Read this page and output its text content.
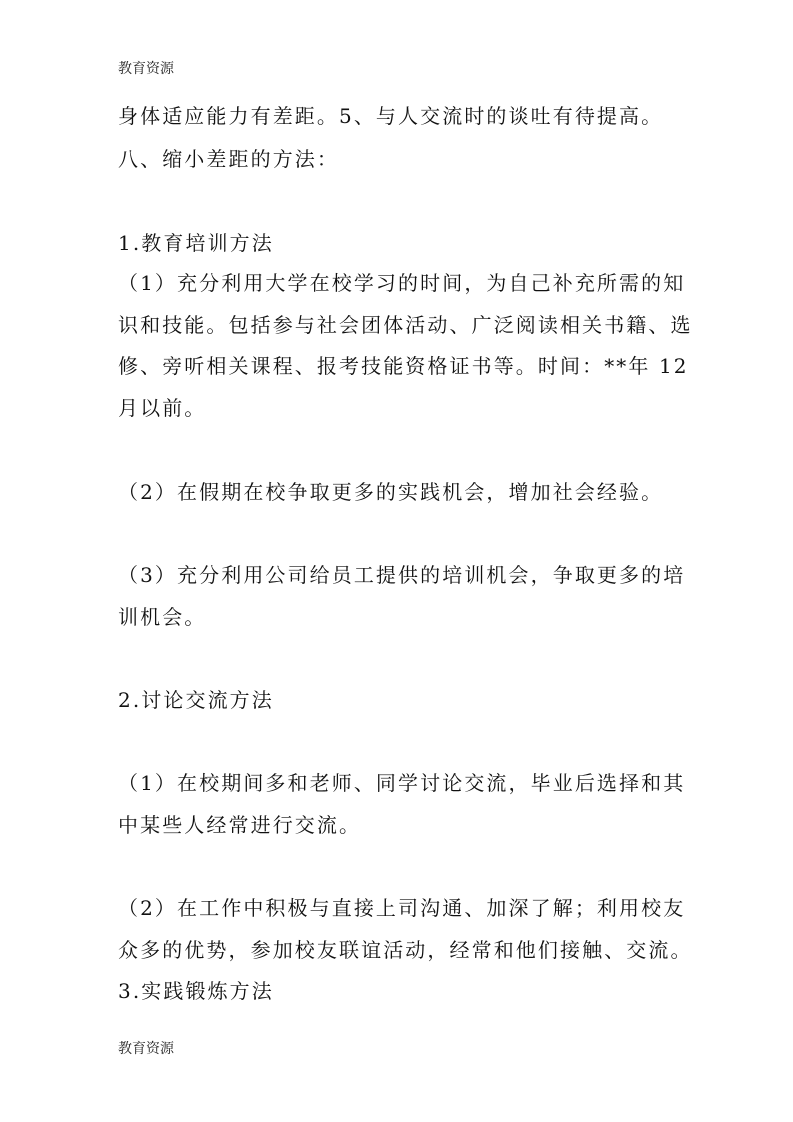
教育资源

身体适应能力有差距。5、与人交流时的谈吐有待提高。

八、缩小差距的方法：

1.教育培训方法

（1）充分利用大学在校学习的时间，为自己补充所需的知

识和技能。包括参与社会团体活动、广泛阅读相关书籍、选

修、旁听相关课程、报考技能资格证书等。时间：**年 12

月以前。

（2）在假期在校争取更多的实践机会，增加社会经验。

（3）充分利用公司给员工提供的培训机会，争取更多的培

训机会。

2.讨论交流方法

（1）在校期间多和老师、同学讨论交流，毕业后选择和其

中某些人经常进行交流。

（2）在工作中积极与直接上司沟通、加深了解；利用校友

众多的优势，参加校友联谊活动，经常和他们接触、交流。

3.实践锻炼方法

教育资源
